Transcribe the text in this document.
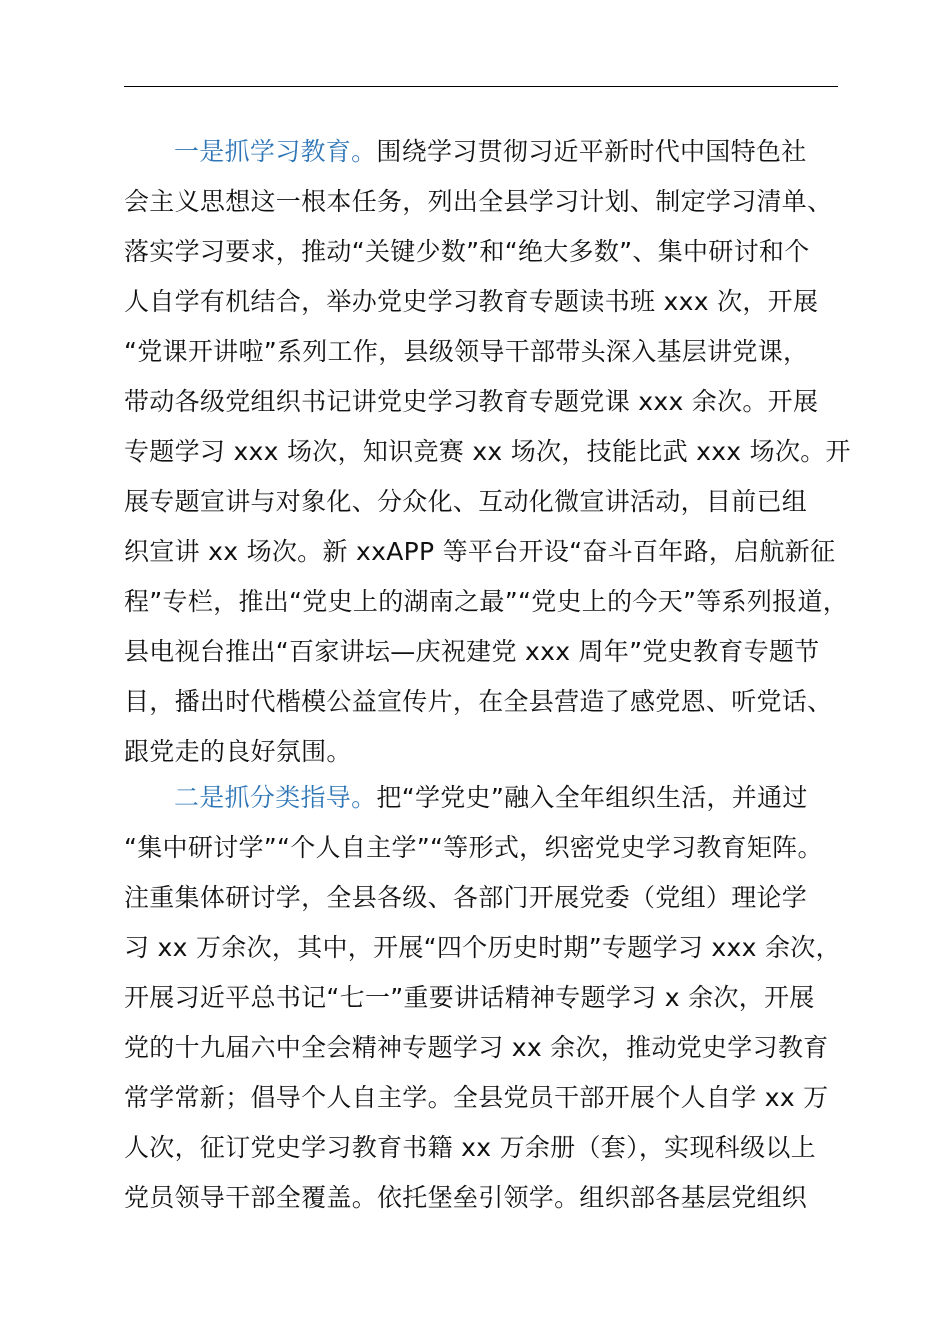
一是抓学习教育。围绕学习贯彻习近平新时代中国特色社
会主义思想这一根本任务，列出全县学习计划、制定学习清单、
落实学习要求，推动“关键少数”和“绝大多数”、集中研讨和个
人自学有机结合，举办党史学习教育专题读书班 xxx 次，开展
“党课开讲啦”系列工作，县级领导干部带头深入基层讲党课，
带动各级党组织书记讲党史学习教育专题党课 xxx 余次。开展
专题学习 xxx 场次，知识竞赛 xx 场次，技能比武 xxx 场次。开
展专题宣讲与对象化、分众化、互动化微宣讲活动，目前已组
织宣讲 xx 场次。新 xxAPP 等平台开设“奋斗百年路，启航新征
程”专栏，推出“党史上的湖南之最”“党史上的今天”等系列报道，
县电视台推出“百家讲坛—庆祝建党 xxx 周年”党史教育专题节
目，播出时代楷模公益宣传片，在全县营造了感党恩、听党话、
跟党走的良好氛围。
二是抓分类指导。把“学党史”融入全年组织生活，并通过
“集中研讨学”“个人自主学”“等形式，织密党史学习教育矩阵。
注重集体研讨学，全县各级、各部门开展党委（党组）理论学
习 xx 万余次，其中，开展“四个历史时期”专题学习 xxx 余次，
开展习近平总书记“七一”重要讲话精神专题学习 x 余次，开展
党的十九届六中全会精神专题学习 xx 余次，推动党史学习教育
常学常新；倡导个人自主学。全县党员干部开展个人自学 xx 万
人次，征订党史学习教育书籍 xx 万余册（套），实现科级以上
党员领导干部全覆盖。依托堡垒引领学。组织部各基层党组织
